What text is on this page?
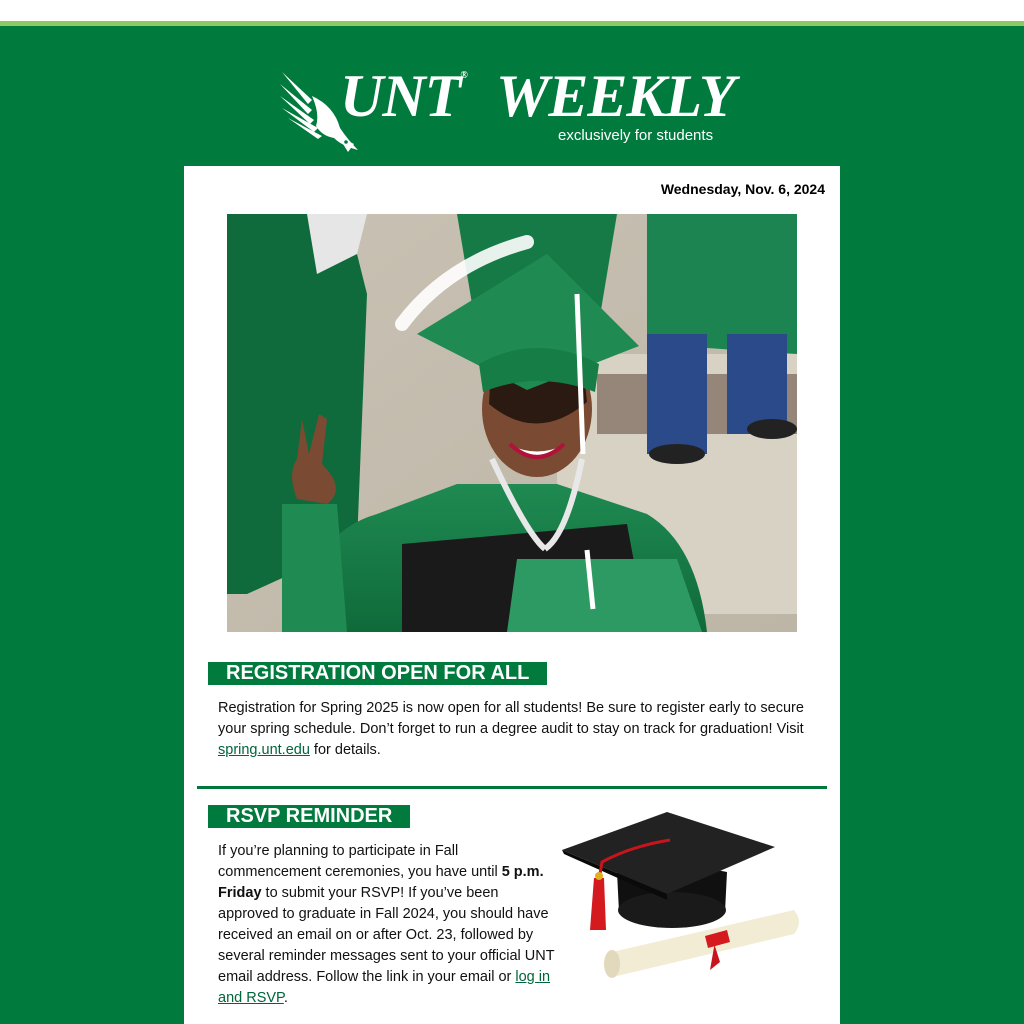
UNT® WEEKLY
exclusively for students
Wednesday, Nov. 6, 2024
REGISTRATION OPEN FOR ALL
Registration for Spring 2025 is now open for all students! Be sure to register early to secure your spring schedule. Don’t forget to run a degree audit to stay on track for graduation! Visit spring.unt.edu for details.
RSVP REMINDER
If you’re planning to participate in Fall commencement ceremonies, you have until 5 p.m. Friday to submit your RSVP! If you’ve been approved to graduate in Fall 2024, you should have received an email on or after Oct. 23, followed by several reminder messages sent to your official UNT email address. Follow the link in your email or log in and RSVP.
